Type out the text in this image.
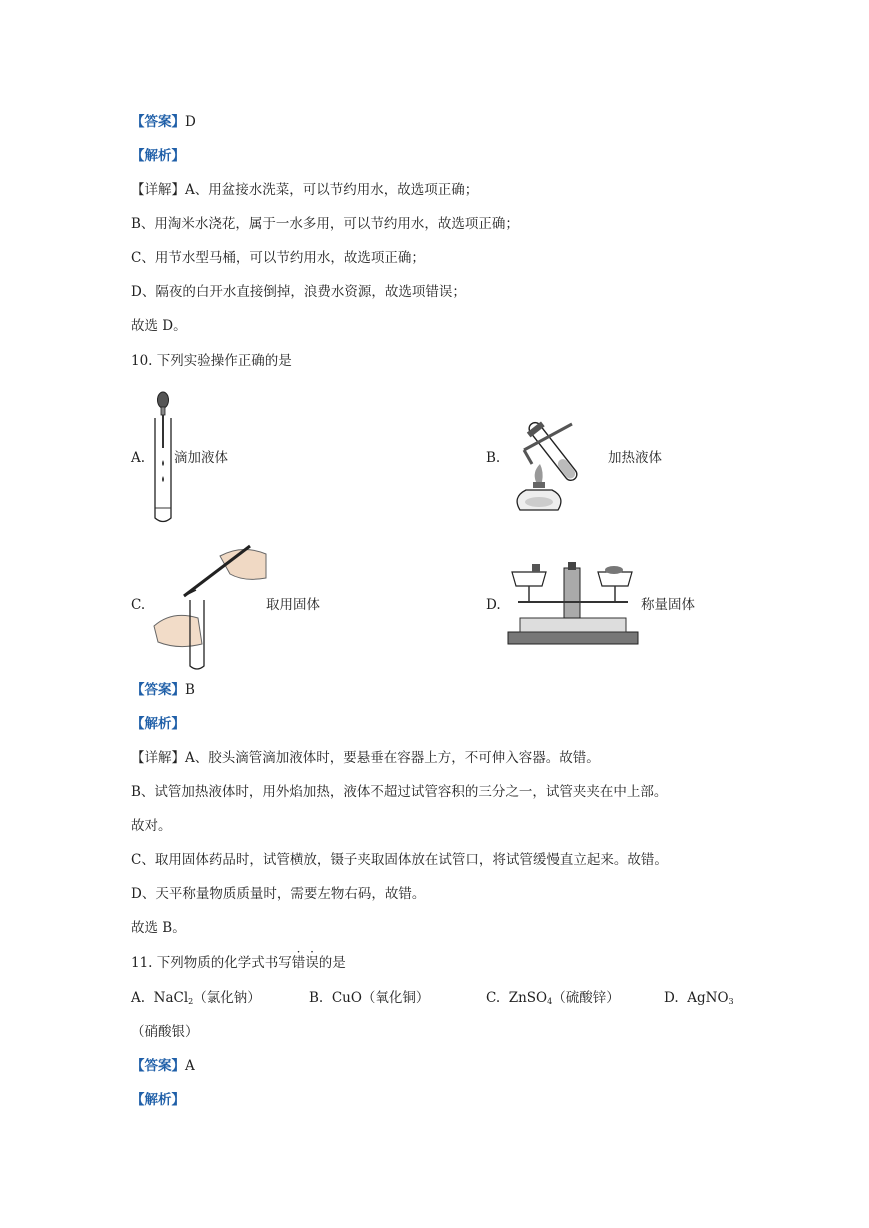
【答案】D
【解析】
【详解】A、用盆接水洗菜，可以节约用水，故选项正确；
B、用淘米水浇花，属于一水多用，可以节约用水，故选项正确；
C、用节水型马桶，可以节约用水，故选项正确；
D、隔夜的白开水直接倒掉，浪费水资源，故选项错误；
故选 D。
10. 下列实验操作正确的是
A. 滴加液体	B.	加热液体
C.	取用固体	D.	称量固体
【答案】B
【解析】
【详解】A、胶头滴管滴加液体时，要悬垂在容器上方，不可伸入容器。故错。
B、试管加热液体时，用外焰加热，液体不超过试管容积的三分之一，试管夹夹在中上部。
故对。
C、取用固体药品时，试管横放，镊子夹取固体放在试管口，将试管缓慢直立起来。故错。
D、天平称量物质质量时，需要左物右码，故错。
故选 B。
11. 下列物质的化学式书写错误的是
A. NaCl$_2$（氯化钠）	B. CuO（氧化铜）	C. ZnSO$_4$（硫酸锌）	D. AgNO$_3$
（硝酸银）
【答案】A
【解析】
